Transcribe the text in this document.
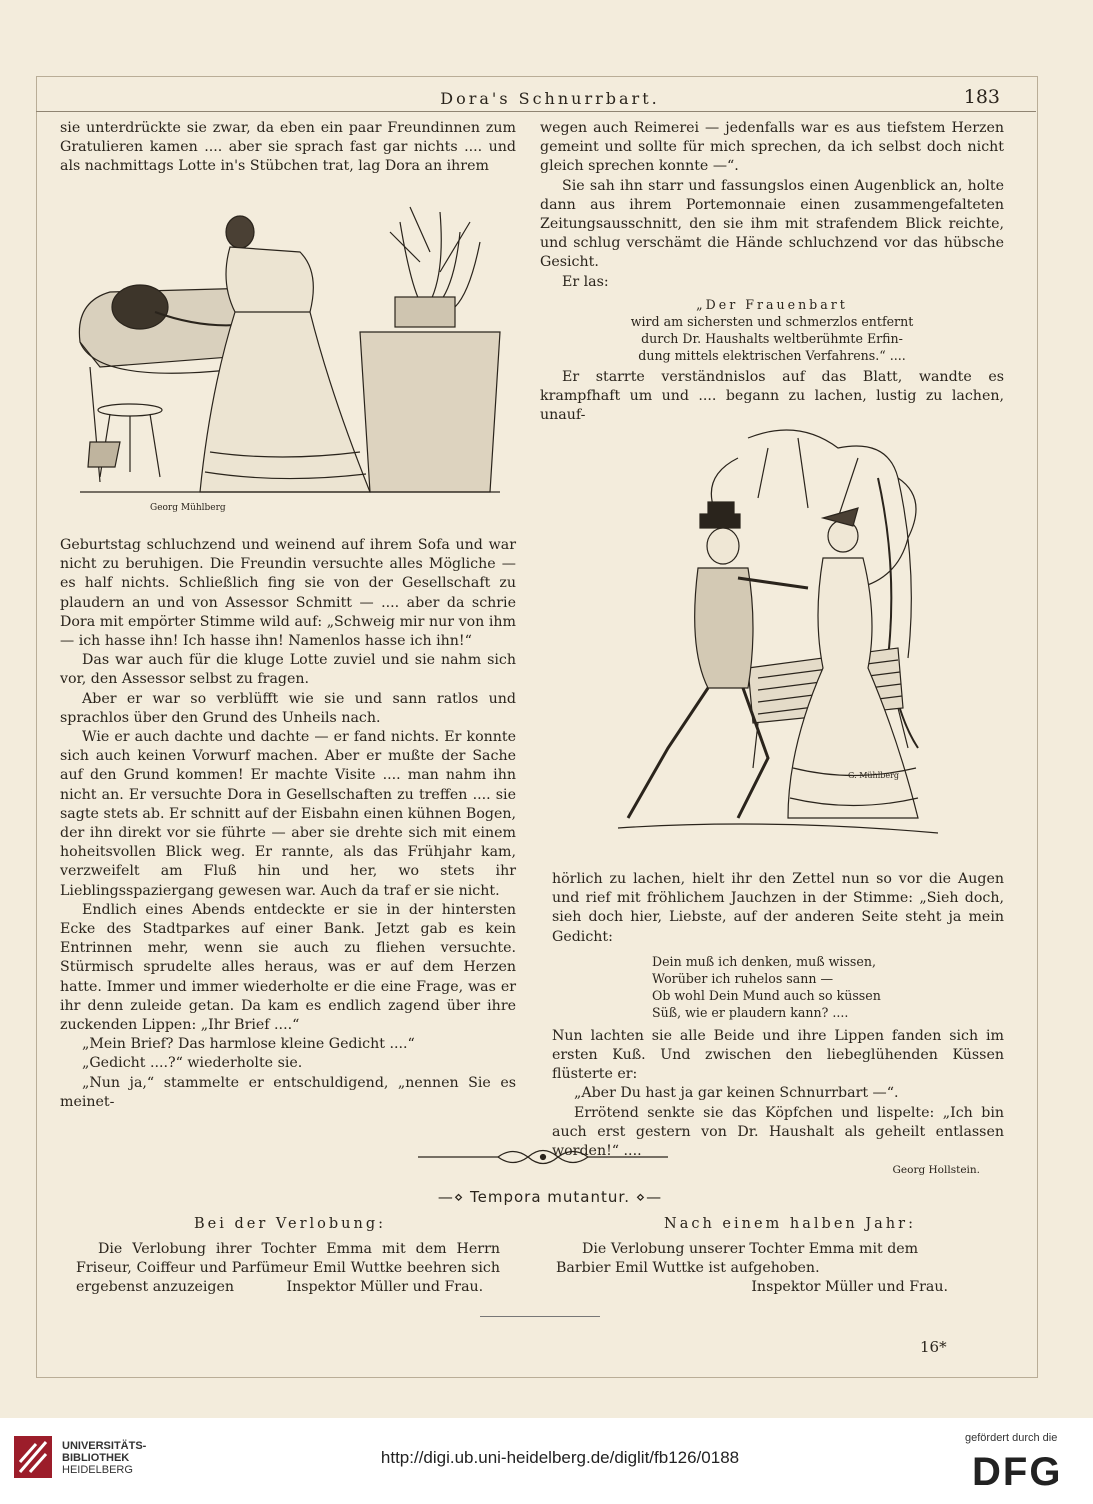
Dora's Schnurrbart.	183

sie unterdrückte sie zwar, da eben ein paar Freundinnen zum Gratulieren kamen .... aber sie sprach fast gar nichts .... und als nachmittags Lotte in's Stübchen trat, lag Dora an ihrem

Georg Mühlberg

Geburtstag schluchzend und weinend auf ihrem Sofa und war nicht zu beruhigen. Die Freundin versuchte alles Mögliche — es half nichts. Schließlich fing sie von der Gesellschaft zu plaudern an und von Assessor Schmitt — .... aber da schrie Dora mit empörter Stimme wild auf: „Schweig mir nur von ihm — ich hasse ihn! Ich hasse ihn! Namenlos hasse ich ihn!“

Das war auch für die kluge Lotte zuviel und sie nahm sich vor, den Assessor selbst zu fragen.

Aber er war so verblüfft wie sie und sann ratlos und sprachlos über den Grund des Unheils nach.

Wie er auch dachte und dachte — er fand nichts. Er konnte sich auch keinen Vorwurf machen. Aber er mußte der Sache auf den Grund kommen! Er machte Visite .... man nahm ihn nicht an. Er versuchte Dora in Gesellschaften zu treffen .... sie sagte stets ab. Er schnitt auf der Eisbahn einen kühnen Bogen, der ihn direkt vor sie führte — aber sie drehte sich mit einem hoheitsvollen Blick weg. Er rannte, als das Frühjahr kam, verzweifelt am Fluß hin und her, wo stets ihr Lieblingsspaziergang gewesen war. Auch da traf er sie nicht.

Endlich eines Abends entdeckte er sie in der hintersten Ecke des Stadtparkes auf einer Bank. Jetzt gab es kein Entrinnen mehr, wenn sie auch zu fliehen versuchte. Stürmisch sprudelte alles heraus, was er auf dem Herzen hatte. Immer und immer wiederholte er die eine Frage, was er ihr denn zuleide getan. Da kam es endlich zagend über ihre zuckenden Lippen: „Ihr Brief ....“

„Mein Brief? Das harmlose kleine Gedicht ....“

„Gedicht ....?“ wiederholte sie.

„Nun ja,“ stammelte er entschuldigend, „nennen Sie es meinet-

wegen auch Reimerei — jedenfalls war es aus tiefstem Herzen gemeint und sollte für mich sprechen, da ich selbst doch nicht gleich sprechen konnte —“.

Sie sah ihn starr und fassungslos einen Augenblick an, holte dann aus ihrem Portemonnaie einen zusammengefalteten Zeitungsausschnitt, den sie ihm mit strafendem Blick reichte, und schlug verschämt die Hände schluchzend vor das hübsche Gesicht.

Er las:

„Der Frauenbart
wird am sichersten und schmerzlos entfernt
durch Dr. Haushalts weltberühmte Erfin-
dung mittels elektrischen Verfahrens.“ ....

Er starrte verständnislos auf das Blatt, wandte es krampfhaft um und .... begann zu lachen, lustig zu lachen, unauf-

G. Mühlberg

hörlich zu lachen, hielt ihr den Zettel nun so vor die Augen und rief mit fröhlichem Jauchzen in der Stimme: „Sieh doch, sieh doch hier, Liebste, auf der anderen Seite steht ja mein Gedicht:

Dein muß ich denken, muß wissen,
Worüber ich ruhelos sann —
Ob wohl Dein Mund auch so küssen
Süß, wie er plaudern kann? ....

Nun lachten sie alle Beide und ihre Lippen fanden sich im ersten Kuß. Und zwischen den liebeglühenden Küssen flüsterte er:

„Aber Du hast ja gar keinen Schnurrbart —“.

Errötend senkte sie das Köpfchen und lispelte: „Ich bin auch erst gestern von Dr. Haushalt als geheilt entlassen worden!“ ....

Georg Hollstein.
—⋄ Tempora mutantur. ⋄—
Bei der Verlobung:	Nach einem halben Jahr:
Die Verlobung ihrer Tochter Emma mit dem Herrn Friseur, Coiffeur und Parfümeur Emil Wuttke beehren sich ergebenst anzuzeigen	Inspektor Müller und Frau.
Die Verlobung unserer Tochter Emma mit dem Barbier Emil Wuttke ist aufgehoben.
Inspektor Müller und Frau.
16*
UNIVERSITÄTS-
BIBLIOTHEK
HEIDELBERG
http://digi.ub.uni-heidelberg.de/diglit/fb126/0188
gefördert durch die
DFG
